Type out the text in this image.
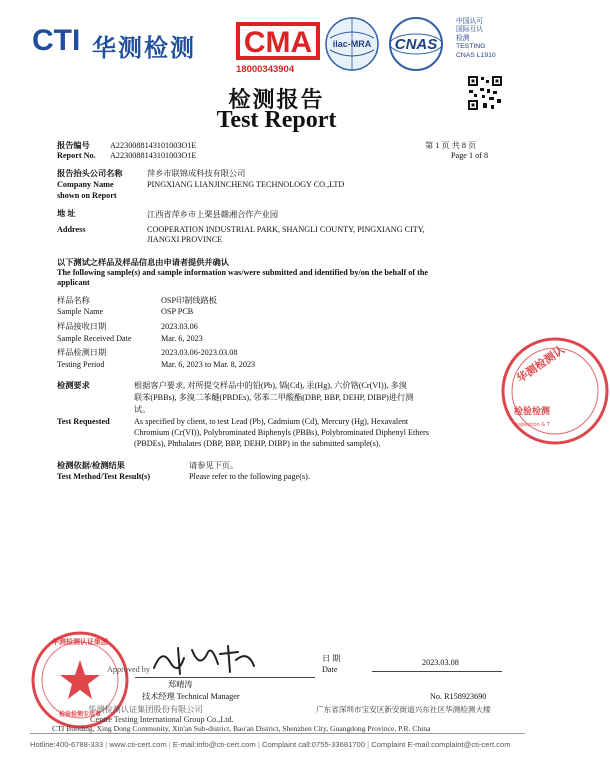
CTI 华测检测 CMA
18000343904
ilac-MRA CNAS
中国认可
国际互认
检测
TESTING
CNAS L1910
检测报告
Test Report
报告编号
Report No.
A2230088143101003O1E
A2230088143101003O1E
第 1 页 共 8 页
Page 1 of 8
报告抬头公司名称
Company Name
shown on Report
萍乡市联锦成科技有限公司
PINGXIANG LIANJINCHENG TECHNOLOGY CO.,LTD
地 址
Address
江西省萍乡市上栗县赣湘合作产业园
COOPERATION INDUSTRIAL PARK, SHANGLI COUNTY, PINGXIANG CITY,
JIANGXI PROVINCE
以下测试之样品及样品信息由申请者提供并确认
The following sample(s) and sample information was/were submitted and identified by/on the behalf of the
applicant
样品名称
Sample Name
OSP印制线路板
OSP PCB
样品接收日期
Sample Received Date
2023.03.06
Mar. 6, 2023
样品检测日期
Testing Period
2023.03.06-2023.03.08
Mar. 6, 2023 to Mar. 8, 2023
检测要求	根据客户要求, 对所提交样品中的铅(Pb), 镉(Cd), 汞(Hg), 六价铬(Cr(VI)), 多溴
联苯(PBBs), 多溴二苯醚(PBDEs), 邻苯二甲酸酯(DBP, BBP, DEHP, DIBP)进行测
试。
Test Requested	As specified by client, to test Lead (Pb), Cadmium (Cd), Mercury (Hg), Hexavalent
Chromium (Cr(VI)), Polybrominated Biphenyls (PBBs), Polybrominated Diphenyl Ethers
(PBDEs), Phthalates (DBP, BBP, DEHP, DIBP) in the submitted sample(s).
检测依据/检测结果
Test Method/Test Result(s)
请参见下页。
Please refer to the following page(s).
华测检测认
检验检测
Inspection & T
华测检测认证集团
检验检测专用章
Approved by
郑晴涛
技术经理 Technical Manager
华测检测认证集团股份有限公司
Centre Testing International Group Co.,Ltd.
CTI Building, Xing Dong Community, Xin'an Sub-district, Bao'an District, Shenzhen City, Guangdong Province, P.R. China
日 期
Date
2023.03.08
No. R158923690
广东省深圳市宝安区新安街道兴东社区华测检测大楼
Hotline:400-6788-333 | www.cti-cert.com | E-mail:info@cti-cert.com | Complaint call:0755-33681700 | Complaint E-mail:complaint@cti-cert.com
